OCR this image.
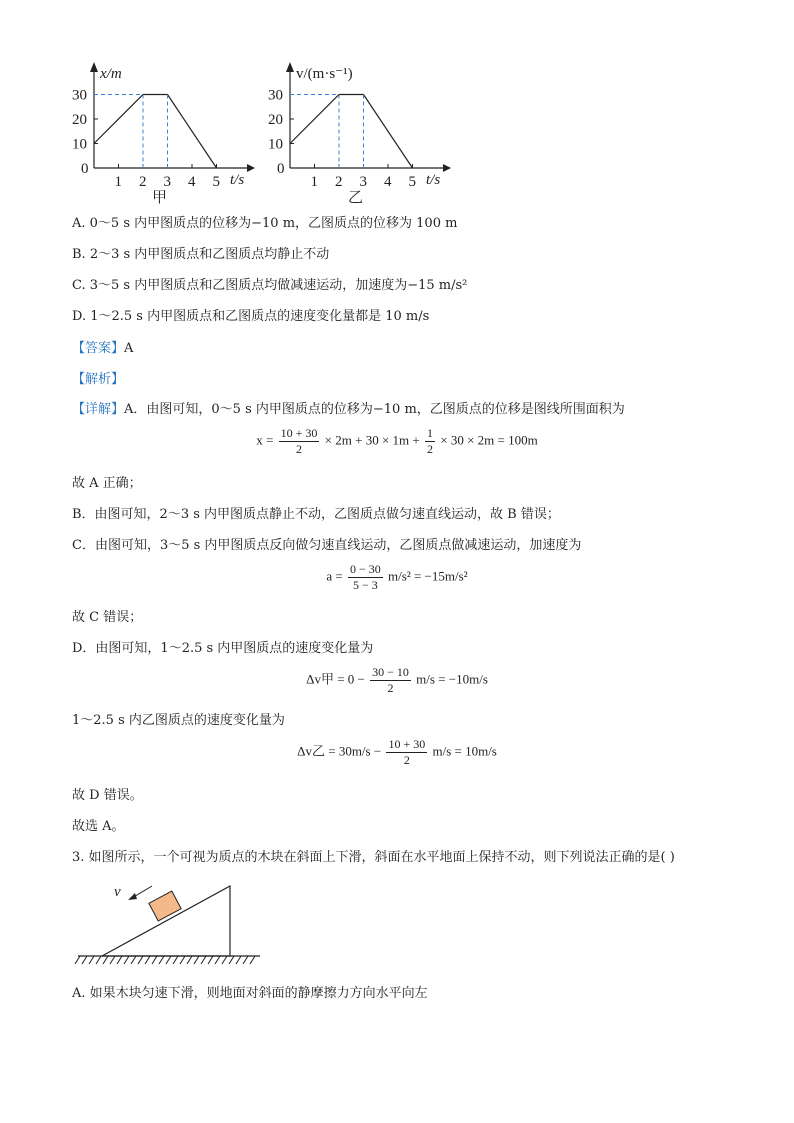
0
1 2 3 4 5
10
20
30
x/m
t/s
甲
0
1 2 3 4 5
10
20
30
v/(m·s⁻¹)
t/s
乙
A. 0～5 s 内甲图质点的位移为−10 m，乙图质点的位移为 100 m
B. 2～3 s 内甲图质点和乙图质点均静止不动
C. 3～5 s 内甲图质点和乙图质点均做减速运动，加速度为−15 m/s²
D. 1～2.5 s 内甲图质点和乙图质点的速度变化量都是 10 m/s
【答案】A
【解析】
【详解】A．由图可知，0～5 s 内甲图质点的位移为−10 m，乙图质点的位移是图线所围面积为
$x = \frac{10 + 30}{2} \times 2m + 30 \times 1m + \frac{1}{2} \times 30 \times 2m = 100m$
故 A 正确；
B．由图可知，2～3 s 内甲图质点静止不动，乙图质点做匀速直线运动，故 B 错误；
C．由图可知，3～5 s 内甲图质点反向做匀速直线运动，乙图质点做减速运动，加速度为
$a = \frac{0 - 30}{5 - 3} m/s^2 = -15m/s^2$
故 C 错误；
D．由图可知，1～2.5 s 内甲图质点的速度变化量为
Δv甲 = $0 - \frac{30 - 10}{2} m/s = -10m/s$
1～2.5 s 内乙图质点的速度变化量为
Δv乙 = $30m/s - \frac{10 + 30}{2} m/s = 10m/s$
故 D 错误。
故选 A。
3. 如图所示，一个可视为质点的木块在斜面上下滑，斜面在水平地面上保持不动，则下列说法正确的是( )
v
A. 如果木块匀速下滑，则地面对斜面的静摩擦力方向水平向左
